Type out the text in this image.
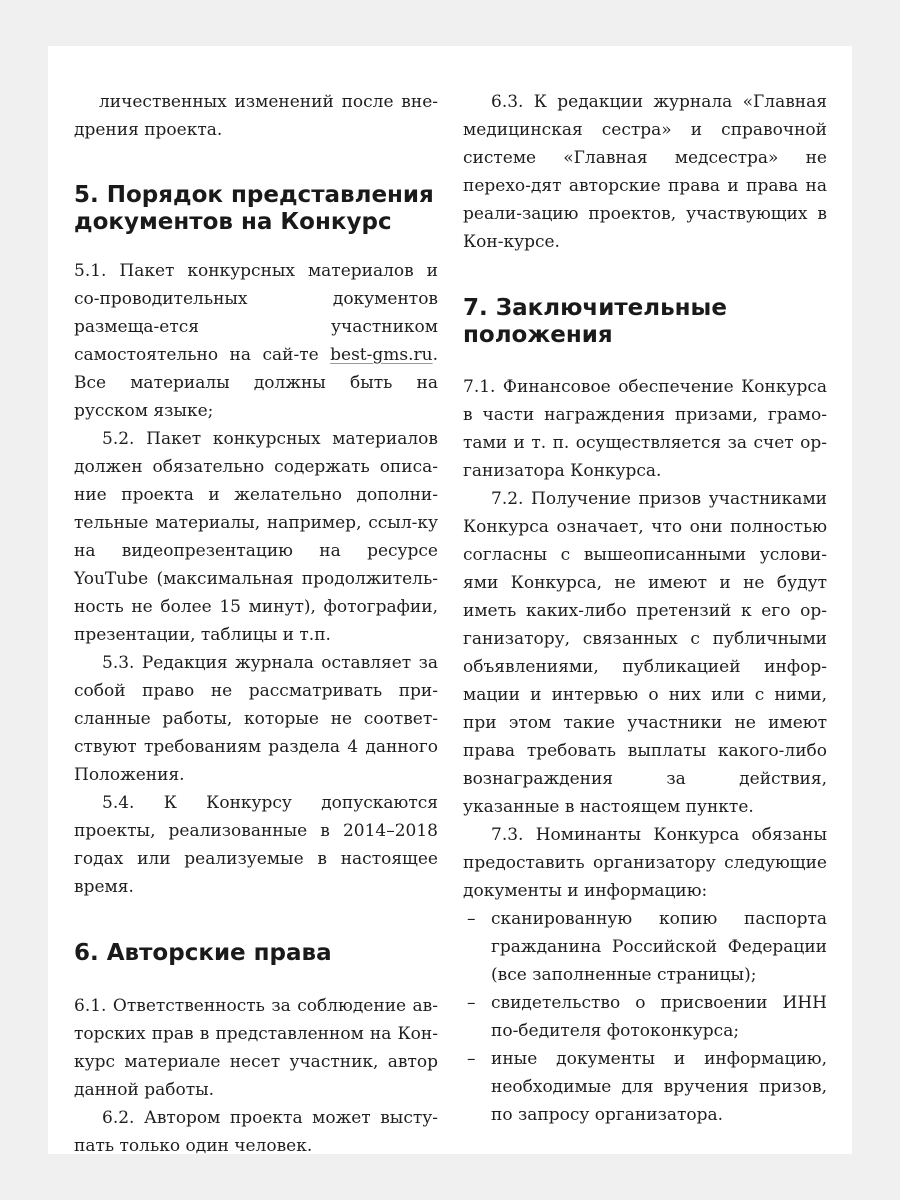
личественных изменений после вне-дрения проекта.

5. Порядок представления документов на Конкурс

5.1. Пакет конкурсных материалов и со-проводительных документов размеща-ется участником самостоятельно на сай-те best-gms.ru. Все материалы должны быть на русском языке;

5.2. Пакет конкурсных материалов должен обязательно содержать описа-ние проекта и желательно дополни-тельные материалы, например, ссыл-ку на видеопрезентацию на ресурсе YouTube (максимальная продолжитель-ность не более 15 минут), фотографии, презентации, таблицы и т.п.

5.3. Редакция журнала оставляет за собой право не рассматривать при-сланные работы, которые не соответ-ствуют требованиям раздела 4 данного Положения.

5.4. К Конкурсу допускаются проекты, реализованные в 2014–2018 годах или реализуемые в настоящее время.

6. Авторские права

6.1. Ответственность за соблюдение ав-торских прав в представленном на Кон-курс материале несет участник, автор данной работы.

6.2. Автором проекта может высту-пать только один человек.

6.3. К редакции журнала «Главная медицинская сестра» и справочной системе «Главная медсестра» не перехо-дят авторские права и права на реали-зацию проектов, участвующих в Кон-курсе.

7. Заключительные положения

7.1. Финансовое обеспечение Конкурса в части награждения призами, грамо-тами и т. п. осуществляется за счет ор-ганизатора Конкурса.

7.2. Получение призов участниками Конкурса означает, что они полностью согласны с вышеописанными услови-ями Конкурса, не имеют и не будут иметь каких-либо претензий к его ор-ганизатору, связанных с публичными объявлениями, публикацией инфор-мации и интервью о них или с ними, при этом такие участники не имеют права требовать выплаты какого-либо вознаграждения за действия, указанные в настоящем пункте.

7.3. Номинанты Конкурса обязаны предоставить организатору следующие документы и информацию:

– сканированную копию паспорта гражданина Российской Федерации (все заполненные страницы);
– свидетельство о присвоении ИНН по-бедителя фотоконкурса;
– иные документы и информацию, необходимые для вручения призов, по запросу организатора.
